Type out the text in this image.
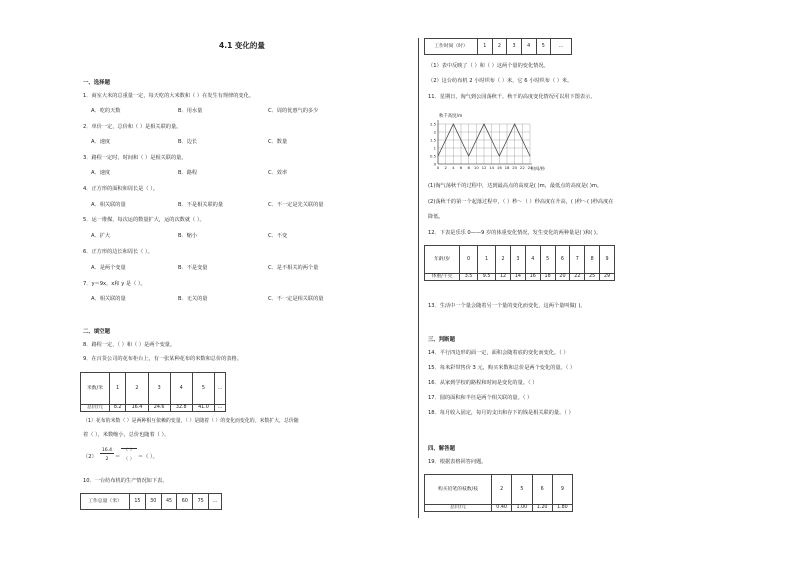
4.1 变化的量
一、选择题
1．商室大米的总重量一定，每天吃的大米数和（ ）在发生有规律的变化。
A．吃的天数	B．用水量	C．周的优惠气的多少
2．单价一定，总价和（ ）是相关联的量。
A．速度	B．边长	C．数量
3．路程一定时，时间和（ ）是相关联的量。
A．速度	B．路程	C．效率
4．正方形的面积和周长是（ ）。
A．相关联的量	B．不是相关联的量	C．不一定是先关联的量
5．运一堆煤，每次运的数量扩大，运的次数就（ ）。
A．扩大	B．缩小	C．不变
6．正方形的边长和周长（ ）。
A．是两个变量	B．不是变量	C．是不相关的两个量
7．y＝9x，x和 y 是（ ）。
A．相关联的量	B．无关的量	C．不一定是相关联的量
二、填空题
8．路程一定，（ ）和（ ）是两个变量。
9．在百货公司的花布柜台上，有一张某种花布的米数和总价的表格。
米数/米	1	2	3	4	5	…
总价/元	8.2	16.4	24.6	32.8	41.0	…
（1）花布的米数（ ）是两种相互依赖的变量，（ ）是随着（ ）的变化而变化的。米数扩大，总价随
着（ ），米数缩小，总价也随着（ ）。
（2）
16.4
2	＝
（ ）
（ ） ＝（ ）。
10．一台纺布机的生产情况如下表。
工作总量（米）	15	30	45	60	75	…
工作时间（时）	1	2	3	4	5	…
（1）表中反映了（ ）和（ ）这两个量的变化情况。
（2）这台纺布机 2 小时织布（ ）米，它 6 小时织布（ ）米。
11．星期日，淘气到公园荡秋千。秋千的高度变化情况可以用下图表示。
0
0.5
1
1.5
2
2.5
0 2 4 6 8 10 12 14 16 18 20 22 24
秋千高度/m
时间/秒
(1)淘气荡秋千的过程中，达到最高点的高度是( )m，最低点的高度是( )m。
(2)荡秋千的第一个起落过程中，（ ）秒～（ ）秒高度在升高，( )秒～( )秒高度在
降低。
12．下表是乐乐 0——9 岁的体重变化情况，发生变化的两种量是( )和( )。
年龄/岁	0	1	2	3	4	5	6	7	8	9
体重/千克	3.5	9.5	12	14	16	18	20	22	25	29
13．生活中一个量会随着另一个量的变化而变化，这两个量叫做( )。
三、判断题
14．平行四边形的面一定，面积会随着底的变化而变化。（ ）
15．每米彩带售价 3 元，购买米数和总价是两个变化的量。（ ）
16．从家到学校的路程和时间是变化的量。（ ）
17．圆的面积和半径是两个相关联的量。（ ）
18．每月收入固定，每月的支出和存下的钱是相关联的量。（ ）
四、解答题
19．根据表格回答问题。
购买铅笔的枝数/枝	2	5	6	9
总价/元	0.40	1.00	1.20	1.80
